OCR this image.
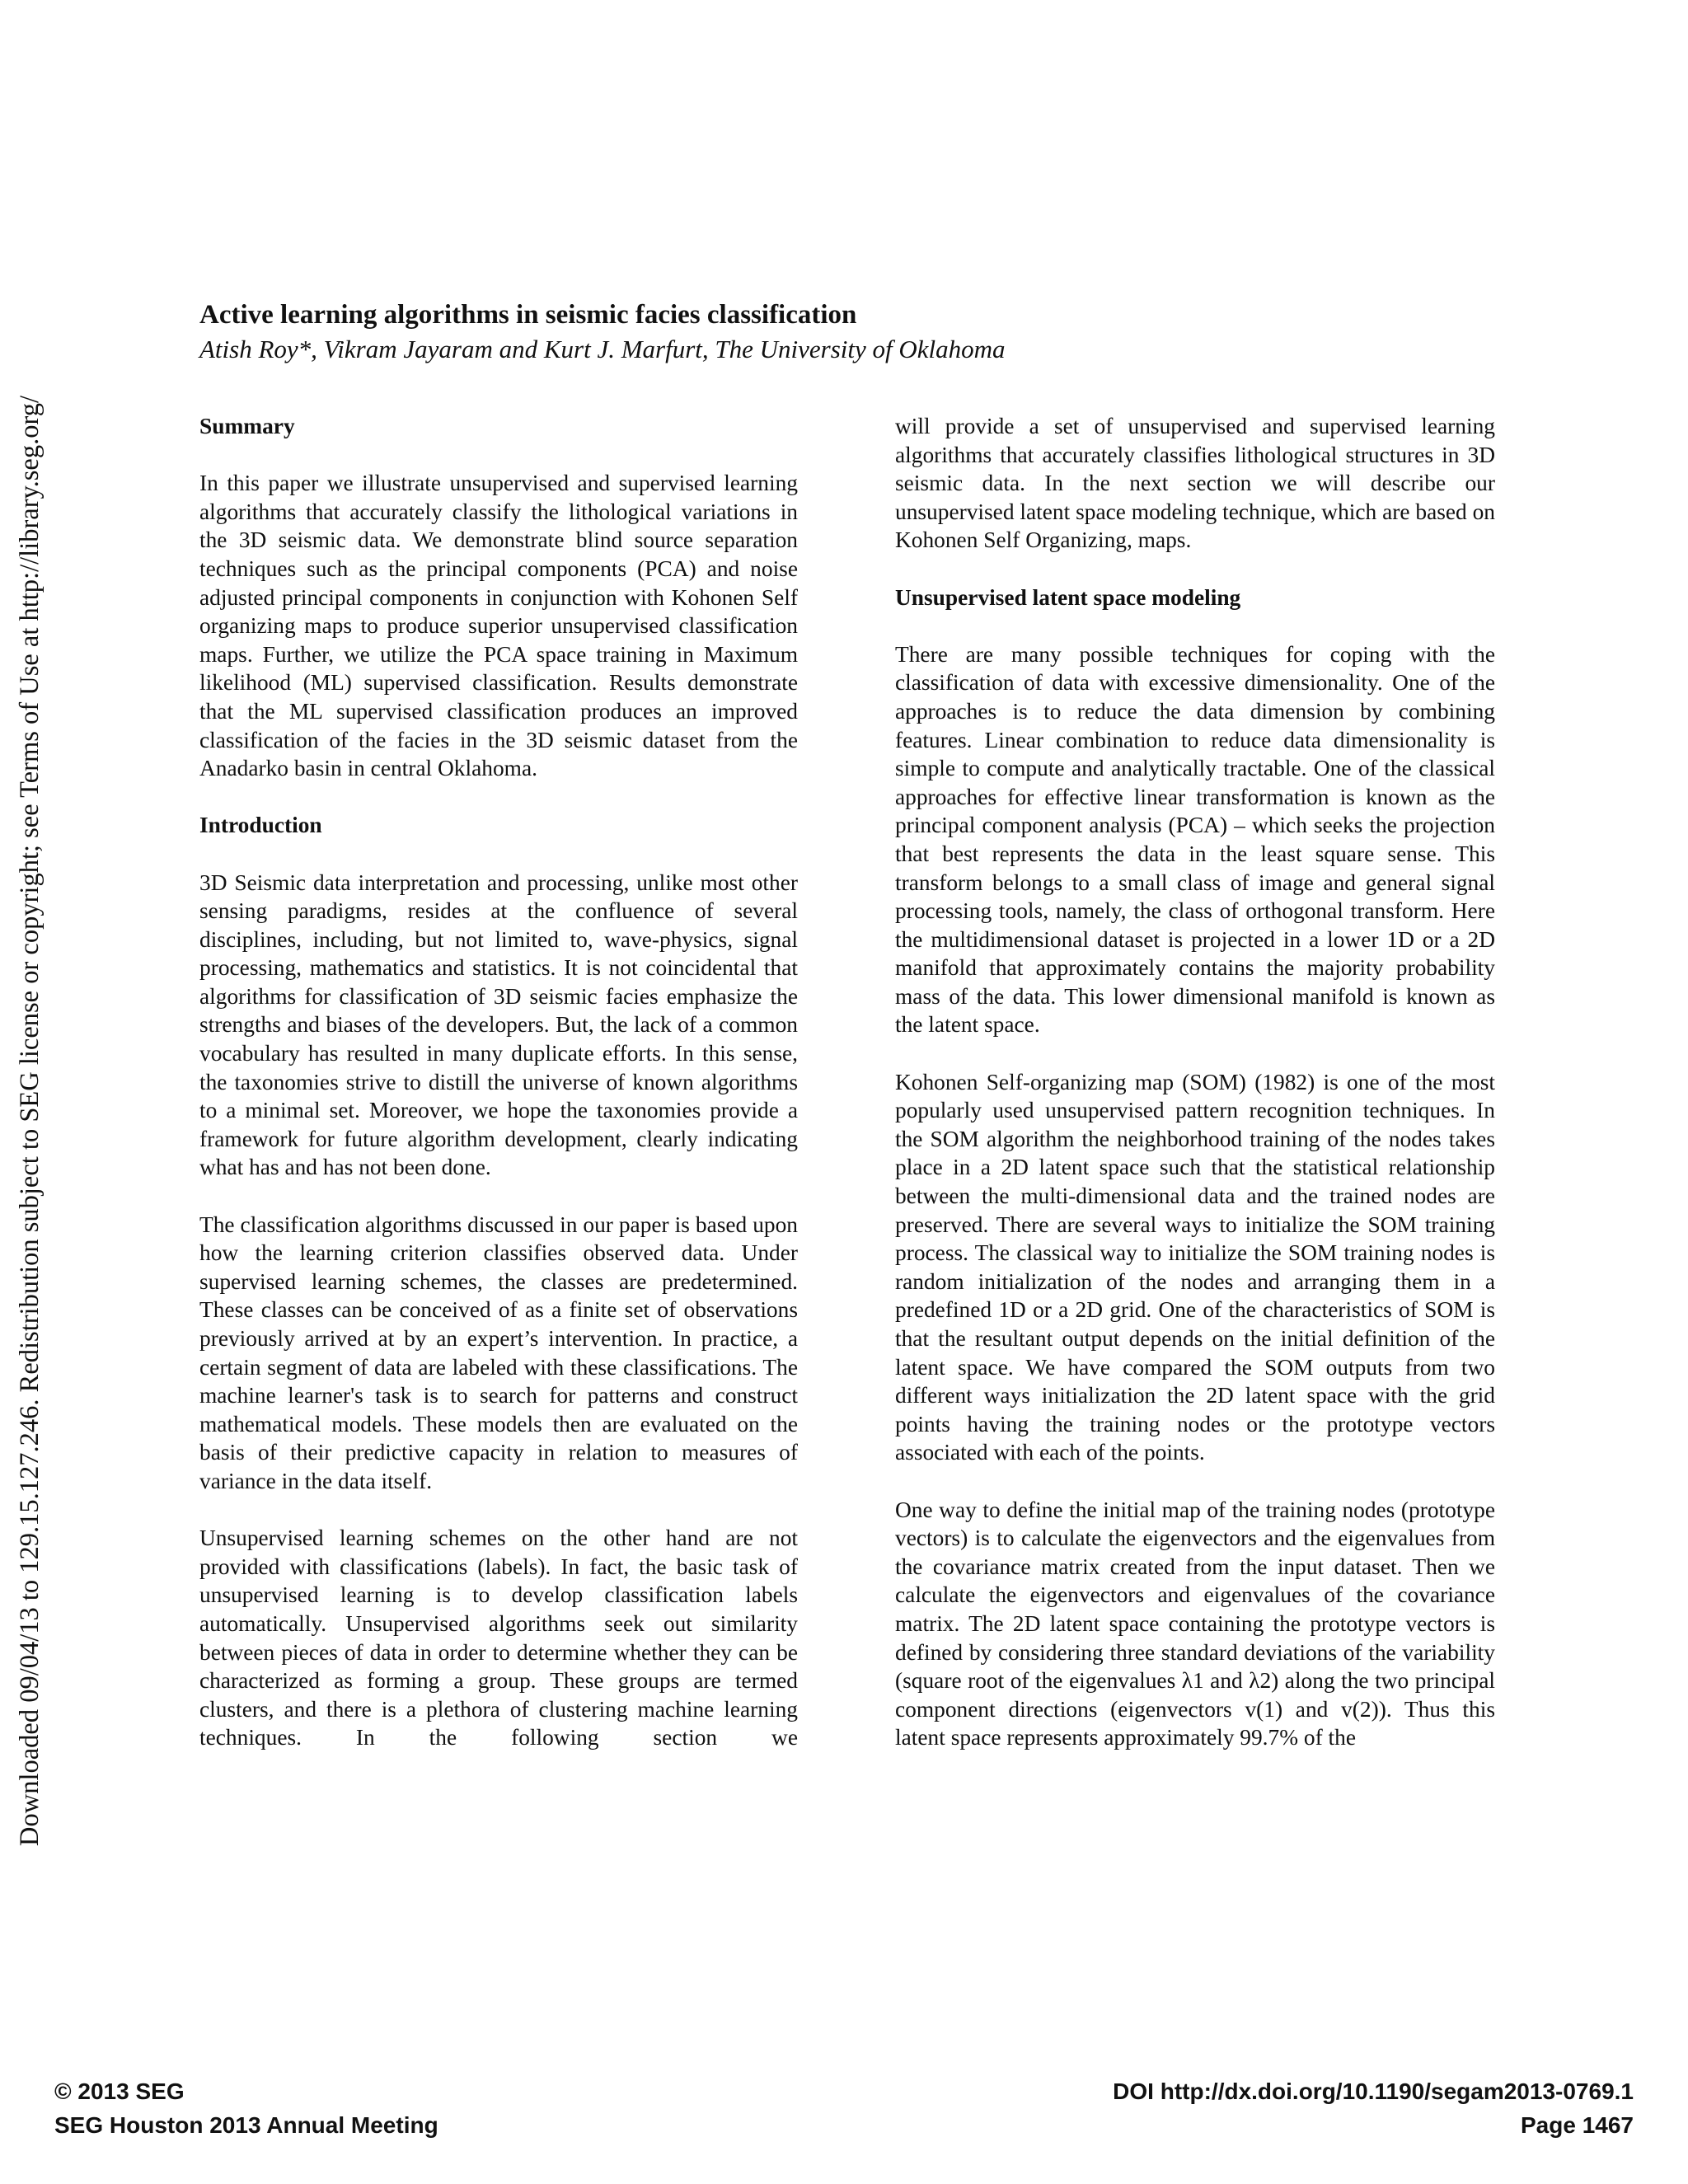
Downloaded 09/04/13 to 129.15.127.246. Redistribution subject to SEG license or copyright; see Terms of Use at http://library.seg.org/
Active learning algorithms in seismic facies classification
Atish Roy*, Vikram Jayaram and Kurt J. Marfurt, The University of Oklahoma
Summary

In this paper we illustrate unsupervised and supervised learning algorithms that accurately classify the lithological variations in the 3D seismic data. We demonstrate blind source separation techniques such as the principal components (PCA) and noise adjusted principal components in conjunction with Kohonen Self organizing maps to produce superior unsupervised classification maps. Further, we utilize the PCA space training in Maximum likelihood (ML) supervised classification. Results demonstrate that the ML supervised classification produces an improved classification of the facies in the 3D seismic dataset from the Anadarko basin in central Oklahoma.

Introduction

3D Seismic data interpretation and processing, unlike most other sensing paradigms, resides at the confluence of several disciplines, including, but not limited to, wave-physics, signal processing, mathematics and statistics. It is not coincidental that algorithms for classification of 3D seismic facies emphasize the strengths and biases of the developers. But, the lack of a common vocabulary has resulted in many duplicate efforts. In this sense, the taxonomies strive to distill the universe of known algorithms to a minimal set. Moreover, we hope the taxonomies provide a framework for future algorithm development, clearly indicating what has and has not been done.

The classification algorithms discussed in our paper is based upon how the learning criterion classifies observed data. Under supervised learning schemes, the classes are predetermined. These classes can be conceived of as a finite set of observations previously arrived at by an expert’s intervention. In practice, a certain segment of data are labeled with these classifications. The machine learner's task is to search for patterns and construct mathematical models. These models then are evaluated on the basis of their predictive capacity in relation to measures of variance in the data itself.

Unsupervised learning schemes on the other hand are not provided with classifications (labels). In fact, the basic task of unsupervised learning is to develop classification labels automatically. Unsupervised algorithms seek out similarity between pieces of data in order to determine whether they can be characterized as forming a group. These groups are termed clusters, and there is a plethora of clustering machine learning techniques. In the following section we

will provide a set of unsupervised and supervised learning algorithms that accurately classifies lithological structures in 3D seismic data. In the next section we will describe our unsupervised latent space modeling technique, which are based on Kohonen Self Organizing, maps.

Unsupervised latent space modeling

There are many possible techniques for coping with the classification of data with excessive dimensionality. One of the approaches is to reduce the data dimension by combining features. Linear combination to reduce data dimensionality is simple to compute and analytically tractable. One of the classical approaches for effective linear transformation is known as the principal component analysis (PCA) – which seeks the projection that best represents the data in the least square sense. This transform belongs to a small class of image and general signal processing tools, namely, the class of orthogonal transform. Here the multidimensional dataset is projected in a lower 1D or a 2D manifold that approximately contains the majority probability mass of the data. This lower dimensional manifold is known as the latent space.

Kohonen Self-organizing map (SOM) (1982) is one of the most popularly used unsupervised pattern recognition techniques. In the SOM algorithm the neighborhood training of the nodes takes place in a 2D latent space such that the statistical relationship between the multi-dimensional data and the trained nodes are preserved. There are several ways to initialize the SOM training process. The classical way to initialize the SOM training nodes is random initialization of the nodes and arranging them in a predefined 1D or a 2D grid. One of the characteristics of SOM is that the resultant output depends on the initial definition of the latent space. We have compared the SOM outputs from two different ways initialization the 2D latent space with the grid points having the training nodes or the prototype vectors associated with each of the points.

One way to define the initial map of the training nodes (prototype vectors) is to calculate the eigenvectors and the eigenvalues from the covariance matrix created from the input dataset. Then we calculate the eigenvectors and eigenvalues of the covariance matrix. The 2D latent space containing the prototype vectors is defined by considering three standard deviations of the variability (square root of the eigenvalues λ1 and λ2) along the two principal component directions (eigenvectors v(1) and v(2)). Thus this latent space represents approximately 99.7% of the

© 2013 SEG
SEG Houston 2013 Annual Meeting
DOI http://dx.doi.org/10.1190/segam2013-0769.1
Page 1467
